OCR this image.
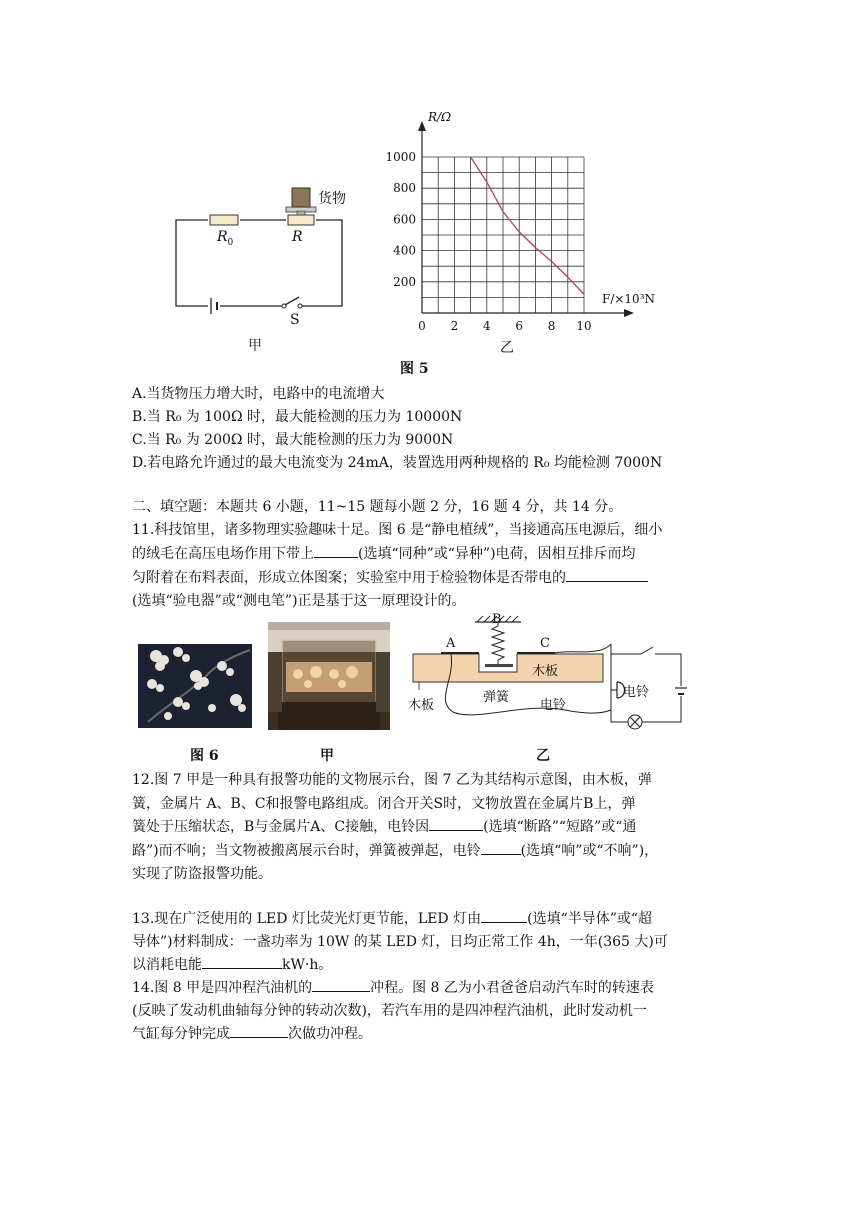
货物
$R_0$	R
S
甲
0 2 4 6 8 10
200
400
600
800
1000
R/Ω
F/×10³N
乙
图 5
A.当货物压力增大时，电路中的电流增大
B.当 R₀ 为 100Ω 时，最大能检测的压力为 10000N
C.当 R₀ 为 200Ω 时，最大能检测的压力为 9000N
D.若电路允许通过的最大电流变为 24mA，装置选用两种规格的 R₀ 均能检测 7000N
二、填空题：本题共 6 小题，11~15 题每小题 2 分，16 题 4 分，共 14 分。
11.科技馆里，诸多物理实验趣味十足。图 6 是“静电植绒”，当接通高压电源后，细小
的绒毛在高压电场作用下带上	(选填“同种”或“异种”)电荷，因相互排斥而均
匀附着在布料表面，形成立体图案；实验室中用于检验物体是否带电的
(选填“验电器”或“测电笔”)正是基于这一原理设计的。
图 6	甲
B
A	C
木板
弹簧
木板	电铃
电铃
乙
12.图 7 甲是一种具有报警功能的文物展示台，图 7 乙为其结构示意图，由木板，弹
簧，金属片 A、B、C和报警电路组成。闭合开关S时，文物放置在金属片B上，弹
簧处于压缩状态，B与金属片A、C接触，电铃因	(选填“断路”“短路”或“通
路”)而不响；当文物被搬离展示台时，弹簧被弹起，电铃	(选填“响”或“不响”)，
实现了防盗报警功能。
13.现在广泛使用的 LED 灯比荧光灯更节能，LED 灯由	(选填“半导体”或“超
导体”)材料制成：一盏功率为 10W 的某 LED 灯，日均正常工作 4h，一年(365 大)可
以消耗电能	kW·h。
14.图 8 甲是四冲程汽油机的	冲程。图 8 乙为小君爸爸启动汽车时的转速表
(反映了发动机曲轴每分钟的转动次数)，若汽车用的是四冲程汽油机，此时发动机一
气缸每分钟完成	次做功冲程。
